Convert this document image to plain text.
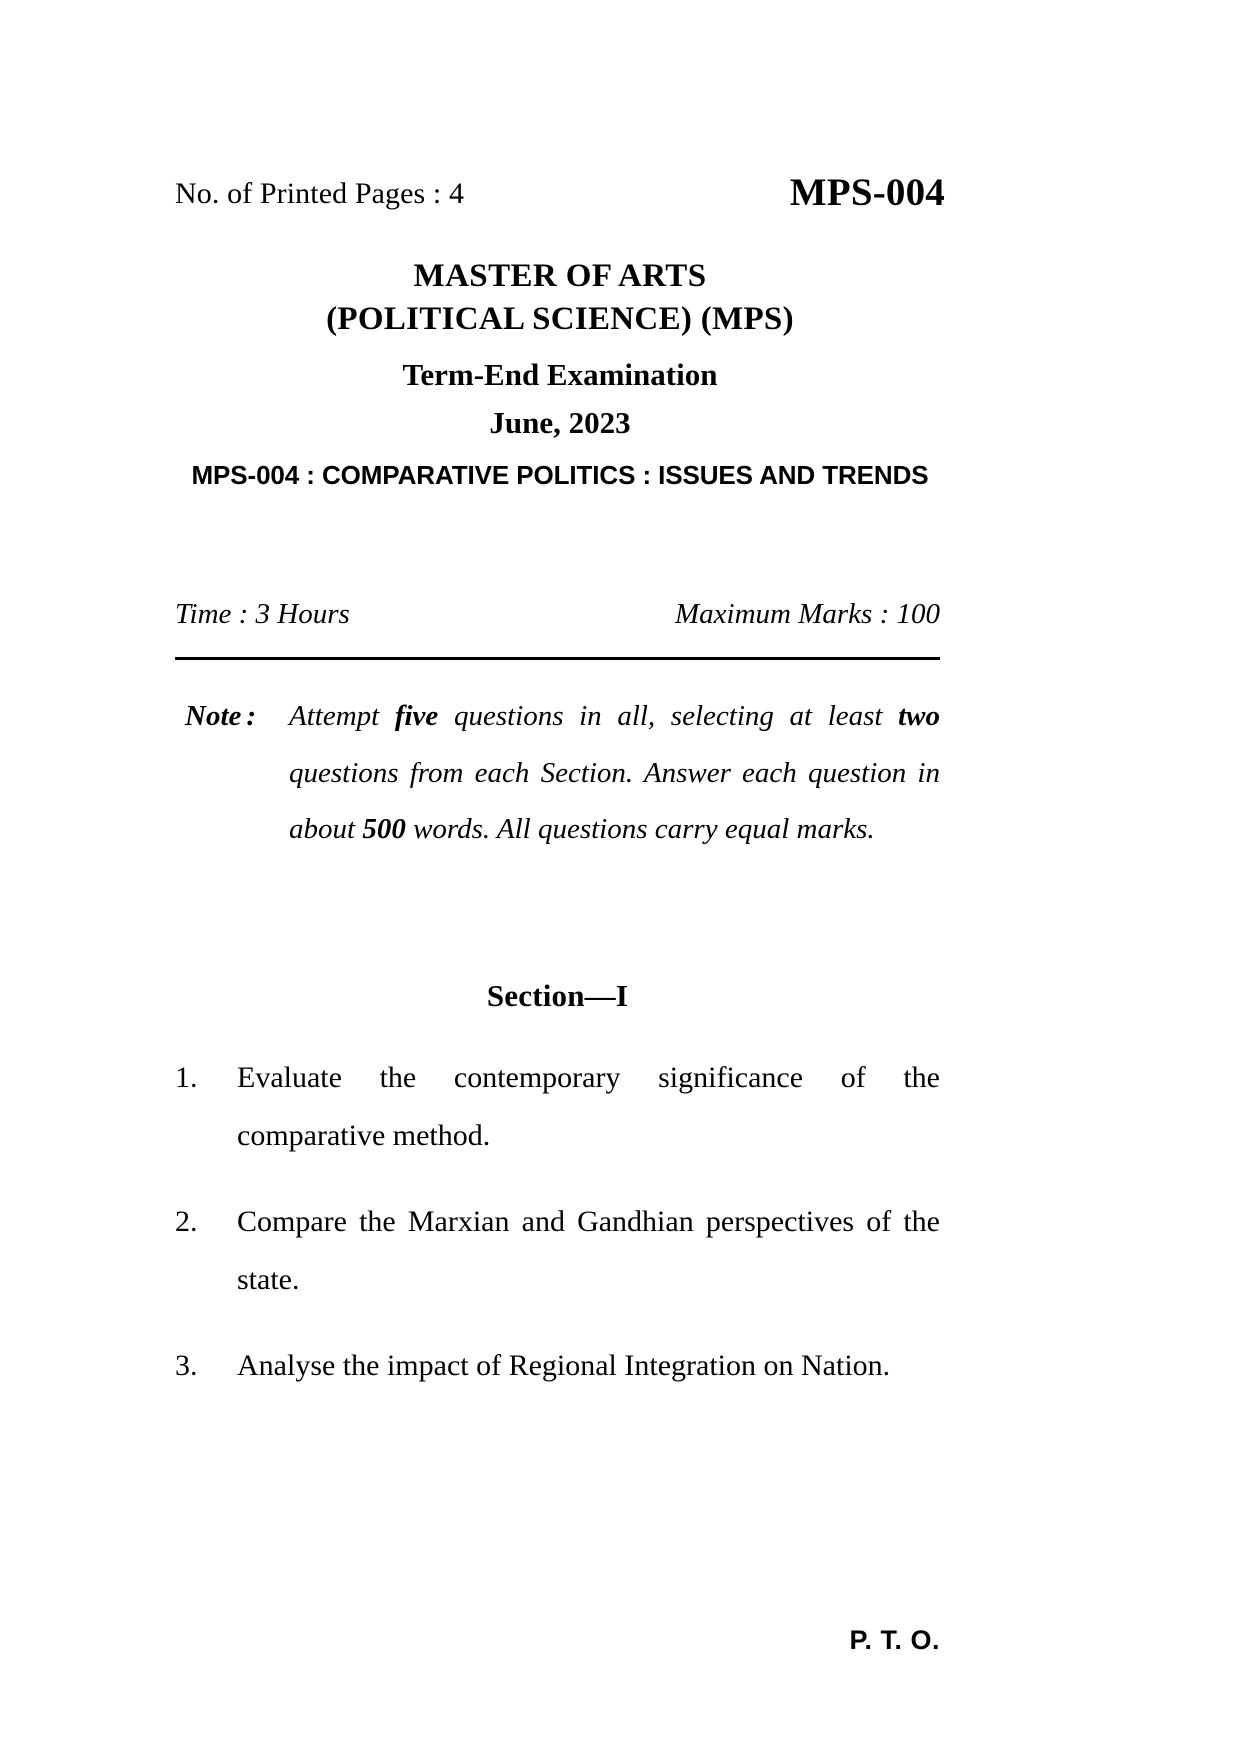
No. of Printed Pages : 4	MPS-004
MASTER OF ARTS
(POLITICAL SCIENCE) (MPS)
Term-End Examination
June, 2023
MPS-004 : COMPARATIVE POLITICS : ISSUES AND TRENDS
Time : 3 Hours	Maximum Marks : 100
Note :	Attempt five questions in all, selecting at least two questions from each Section. Answer each question in about 500 words. All questions carry equal marks.
Section—I
1.	Evaluate the contemporary significance of the comparative method.
2.	Compare the Marxian and Gandhian perspectives of the state.
3.	Analyse the impact of Regional Integration on Nation.
P. T. O.
